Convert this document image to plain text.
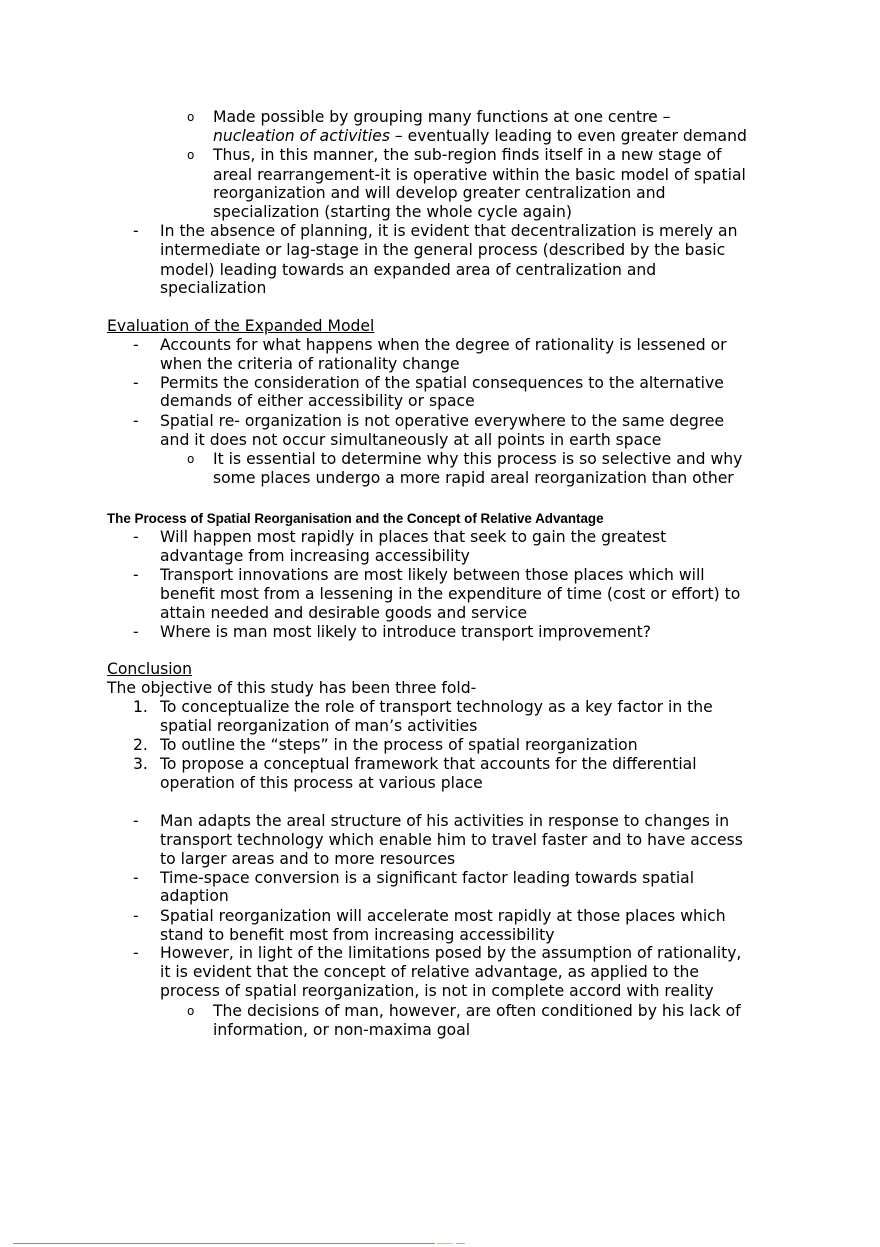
o Made possible by grouping many functions at one centre –
nucleation of activities – eventually leading to even greater demand
o Thus, in this manner, the sub-region finds itself in a new stage of
areal rearrangement-it is operative within the basic model of spatial
reorganization and will develop greater centralization and
specialization (starting the whole cycle again)
- In the absence of planning, it is evident that decentralization is merely an
intermediate or lag-stage in the general process (described by the basic
model) leading towards an expanded area of centralization and
specialization
Evaluation of the Expanded Model
- Accounts for what happens when the degree of rationality is lessened or
when the criteria of rationality change
- Permits the consideration of the spatial consequences to the alternative
demands of either accessibility or space
- Spatial re- organization is not operative everywhere to the same degree
and it does not occur simultaneously at all points in earth space
o It is essential to determine why this process is so selective and why
some places undergo a more rapid areal reorganization than other
The Process of Spatial Reorganisation and the Concept of Relative Advantage
- Will happen most rapidly in places that seek to gain the greatest
advantage from increasing accessibility
- Transport innovations are most likely between those places which will
benefit most from a lessening in the expenditure of time (cost or effort) to
attain needed and desirable goods and service
- Where is man most likely to introduce transport improvement?
Conclusion
The objective of this study has been three fold-
1. To conceptualize the role of transport technology as a key factor in the
spatial reorganization of man’s activities
2. To outline the “steps” in the process of spatial reorganization
3. To propose a conceptual framework that accounts for the differential
operation of this process at various place
- Man adapts the areal structure of his activities in response to changes in
transport technology which enable him to travel faster and to have access
to larger areas and to more resources
- Time-space conversion is a significant factor leading towards spatial
adaption
- Spatial reorganization will accelerate most rapidly at those places which
stand to benefit most from increasing accessibility
- However, in light of the limitations posed by the assumption of rationality,
it is evident that the concept of relative advantage, as applied to the
process of spatial reorganization, is not in complete accord with reality
o The decisions of man, however, are often conditioned by his lack of
information, or non-maxima goal
